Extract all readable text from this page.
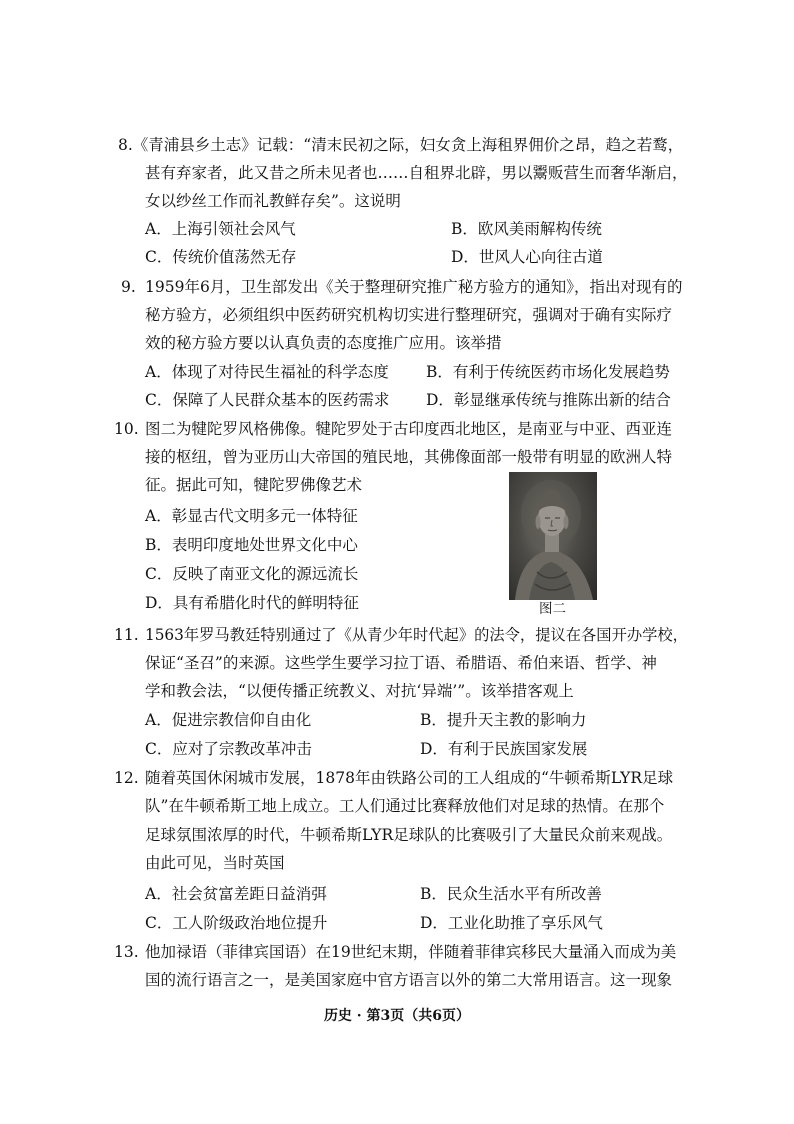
8.《青浦县乡土志》记载：“清末民初之际，妇女贪上海租界佣价之昂，趋之若鹜，
甚有弃家者，此又昔之所未见者也……自租界北辟，男以鬻贩营生而奢华渐启，
女以纱丝工作而礼教鲜存矣”。这说明
A．上海引领社会风气	B．欧风美雨解构传统
C．传统价值荡然无存	D．世风人心向往古道
9. 1959年6月，卫生部发出《关于整理研究推广秘方验方的通知》，指出对现有的
秘方验方，必须组织中医药研究机构切实进行整理研究，强调对于确有实际疗
效的秘方验方要以认真负责的态度推广应用。该举措
A．体现了对待民生福祉的科学态度 B．有利于传统医药市场化发展趋势
C．保障了人民群众基本的医药需求 D．彰显继承传统与推陈出新的结合
10. 图二为犍陀罗风格佛像。犍陀罗处于古印度西北地区，是南亚与中亚、西亚连
接的枢纽，曾为亚历山大帝国的殖民地，其佛像面部一般带有明显的欧洲人特
征。据此可知，犍陀罗佛像艺术
A．彰显古代文明多元一体特征
B．表明印度地处世界文化中心
C．反映了南亚文化的源远流长
D．具有希腊化时代的鲜明特征	图二
11. 1563年罗马教廷特别通过了《从青少年时代起》的法令，提议在各国开办学校，
保证“圣召”的来源。这些学生要学习拉丁语、希腊语、希伯来语、哲学、神
学和教会法，“以便传播正统教义、对抗‘异端’”。该举措客观上
A．促进宗教信仰自由化	B．提升天主教的影响力
C．应对了宗教改革冲击	D．有利于民族国家发展
12. 随着英国休闲城市发展，1878年由铁路公司的工人组成的“牛顿希斯LYR足球
队”在牛顿希斯工地上成立。工人们通过比赛释放他们对足球的热情。在那个
足球氛围浓厚的时代，牛顿希斯LYR足球队的比赛吸引了大量民众前来观战。
由此可见，当时英国
A．社会贫富差距日益消弭	B．民众生活水平有所改善
C．工人阶级政治地位提升	D．工业化助推了享乐风气
13. 他加禄语（菲律宾国语）在19世纪末期，伴随着菲律宾移民大量涌入而成为美
国的流行语言之一，是美国家庭中官方语言以外的第二大常用语言。这一现象
历史 · 第3页（共6页）
